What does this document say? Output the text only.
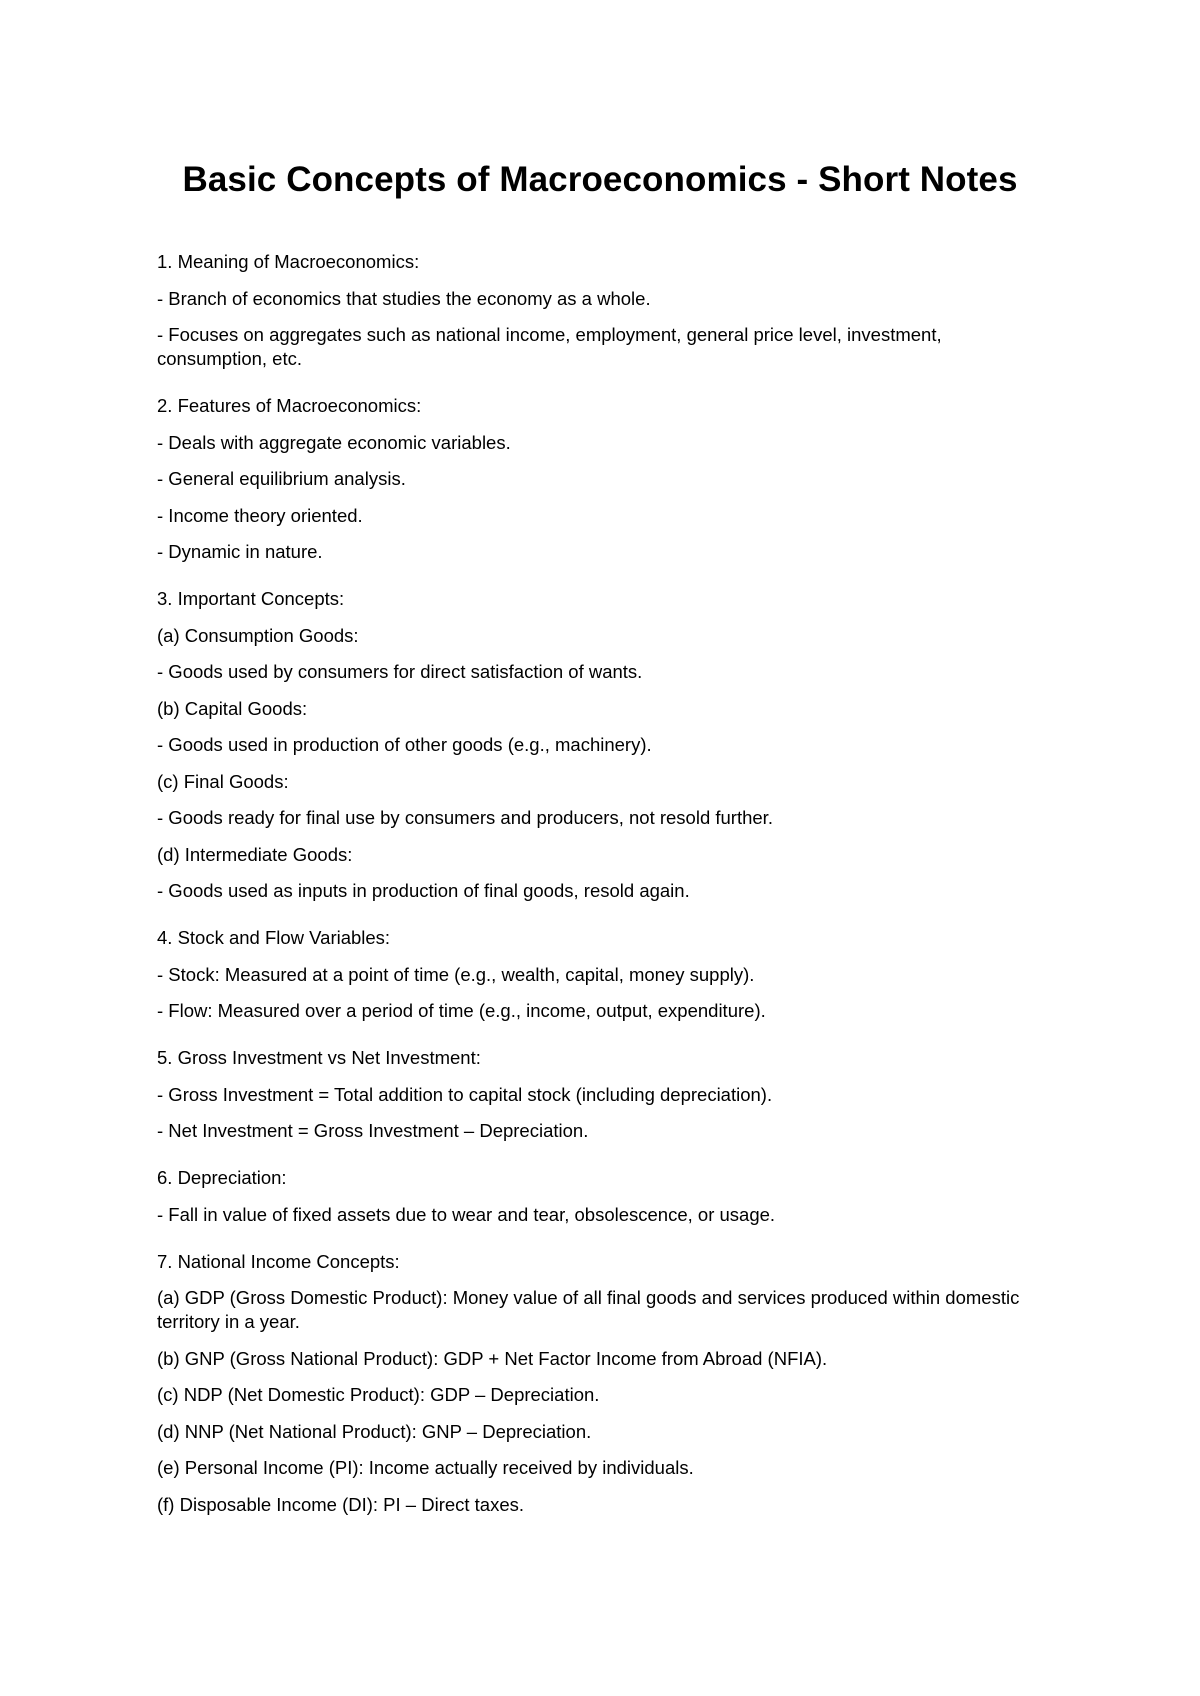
Basic Concepts of Macroeconomics - Short Notes

1. Meaning of Macroeconomics:

- Branch of economics that studies the economy as a whole.

- Focuses on aggregates such as national income, employment, general price level, investment, consumption, etc.

2. Features of Macroeconomics:

- Deals with aggregate economic variables.

- General equilibrium analysis.

- Income theory oriented.

- Dynamic in nature.

3. Important Concepts:

(a) Consumption Goods:

- Goods used by consumers for direct satisfaction of wants.

(b) Capital Goods:

- Goods used in production of other goods (e.g., machinery).

(c) Final Goods:

- Goods ready for final use by consumers and producers, not resold further.

(d) Intermediate Goods:

- Goods used as inputs in production of final goods, resold again.

4. Stock and Flow Variables:

- Stock: Measured at a point of time (e.g., wealth, capital, money supply).

- Flow: Measured over a period of time (e.g., income, output, expenditure).

5. Gross Investment vs Net Investment:

- Gross Investment = Total addition to capital stock (including depreciation).

- Net Investment = Gross Investment – Depreciation.

6. Depreciation:

- Fall in value of fixed assets due to wear and tear, obsolescence, or usage.

7. National Income Concepts:

(a) GDP (Gross Domestic Product): Money value of all final goods and services produced within domestic territory in a year.

(b) GNP (Gross National Product): GDP + Net Factor Income from Abroad (NFIA).

(c) NDP (Net Domestic Product): GDP – Depreciation.

(d) NNP (Net National Product): GNP – Depreciation.

(e) Personal Income (PI): Income actually received by individuals.

(f) Disposable Income (DI): PI – Direct taxes.
